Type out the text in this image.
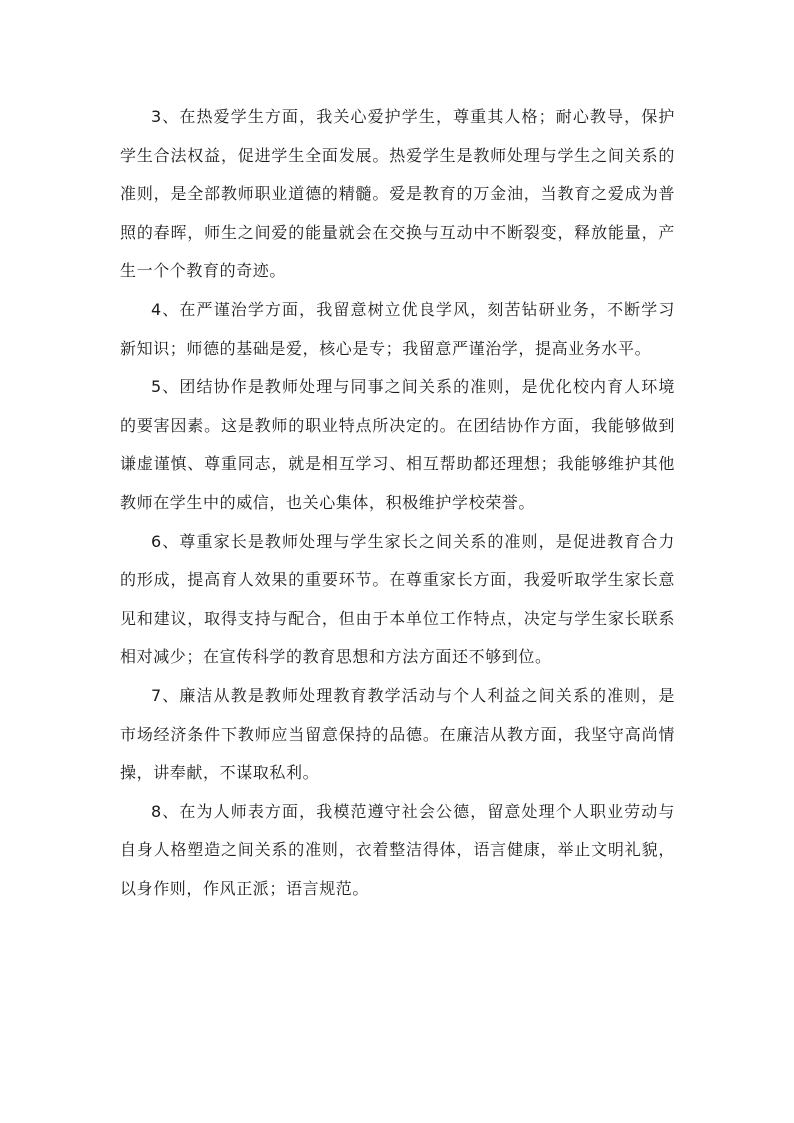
3、在热爱学生方面，我关心爱护学生，尊重其人格；耐心教导，保护学生合法权益，促进学生全面发展。热爱学生是教师处理与学生之间关系的准则，是全部教师职业道德的精髓。爱是教育的万金油，当教育之爱成为普照的春晖，师生之间爱的能量就会在交换与互动中不断裂变，释放能量，产生一个个教育的奇迹。

4、在严谨治学方面，我留意树立优良学风，刻苦钻研业务，不断学习新知识；师德的基础是爱，核心是专；我留意严谨治学，提高业务水平。

5、团结协作是教师处理与同事之间关系的准则，是优化校内育人环境的要害因素。这是教师的职业特点所决定的。在团结协作方面，我能够做到谦虚谨慎、尊重同志，就是相互学习、相互帮助都还理想；我能够维护其他教师在学生中的威信，也关心集体，积极维护学校荣誉。

6、尊重家长是教师处理与学生家长之间关系的准则，是促进教育合力的形成，提高育人效果的重要环节。在尊重家长方面，我爱听取学生家长意见和建议，取得支持与配合，但由于本单位工作特点，决定与学生家长联系相对减少；在宣传科学的教育思想和方法方面还不够到位。

7、廉洁从教是教师处理教育教学活动与个人利益之间关系的准则，是市场经济条件下教师应当留意保持的品德。在廉洁从教方面，我坚守高尚情操，讲奉献，不谋取私利。

8、在为人师表方面，我模范遵守社会公德，留意处理个人职业劳动与自身人格塑造之间关系的准则，衣着整洁得体，语言健康，举止文明礼貌，以身作则，作风正派；语言规范。
